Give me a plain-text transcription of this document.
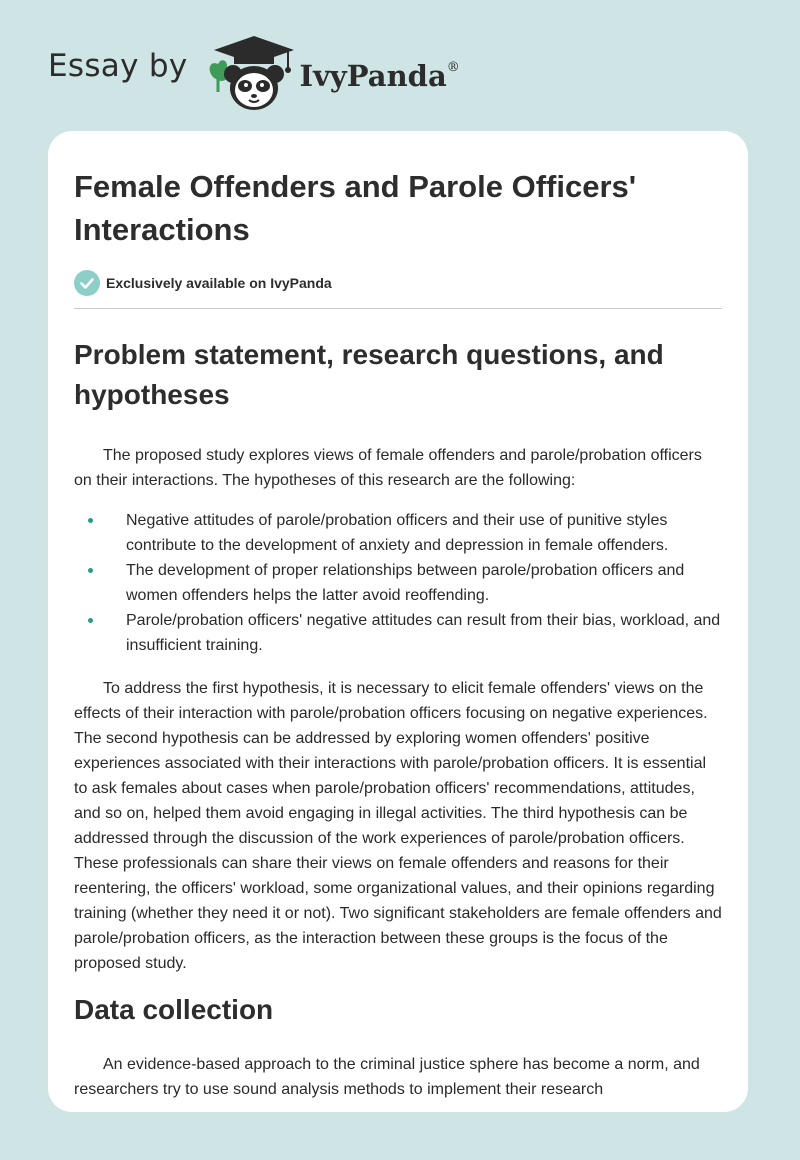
Essay by	IvyPanda®
Female Offenders and Parole Officers' Interactions
Exclusively available on IvyPanda
Problem statement, research questions, and hypotheses

The proposed study explores views of female offenders and parole/probation officers on their interactions. The hypotheses of this research are the following:

Negative attitudes of parole/probation officers and their use of punitive styles contribute to the development of anxiety and depression in female offenders.
The development of proper relationships between parole/probation officers and women offenders helps the latter avoid reoffending.
Parole/probation officers' negative attitudes can result from their bias, workload, and insufficient training.

To address the first hypothesis, it is necessary to elicit female offenders' views on the effects of their interaction with parole/probation officers focusing on negative experiences. The second hypothesis can be addressed by exploring women offenders' positive experiences associated with their interactions with parole/probation officers. It is essential to ask females about cases when parole/probation officers' recommendations, attitudes, and so on, helped them avoid engaging in illegal activities. The third hypothesis can be addressed through the discussion of the work experiences of parole/probation officers. These professionals can share their views on female offenders and reasons for their reentering, the officers' workload, some organizational values, and their opinions regarding training (whether they need it or not). Two significant stakeholders are female offenders and parole/probation officers, as the interaction between these groups is the focus of the proposed study.

Data collection

An evidence-based approach to the criminal justice sphere has become a norm, and researchers try to use sound analysis methods to implement their research
